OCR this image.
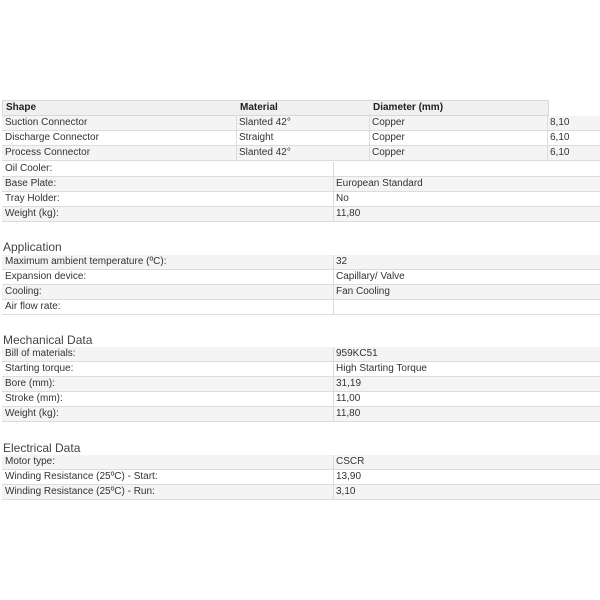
Shape	Material	Diameter (mm)
Suction Connector	Slanted 42°	Copper	8,10
Discharge Connector	Straight	Copper	6,10
Process Connector	Slanted 42°	Copper	6,10
Oil Cooler:
Base Plate:	European Standard
Tray Holder:	No
Weight (kg):	11,80
Application
Maximum ambient temperature (ºC):	32
Expansion device:	Capillary/ Valve
Cooling:	Fan Cooling
Air flow rate:
Mechanical Data
Bill of materials:	959KC51
Starting torque:	High Starting Torque
Bore (mm):	31,19
Stroke (mm):	11,00
Weight (kg):	11,80
Electrical Data
Motor type:	CSCR
Winding Resistance (25ºC) - Start:	13,90
Winding Resistance (25ºC) - Run:	3,10
